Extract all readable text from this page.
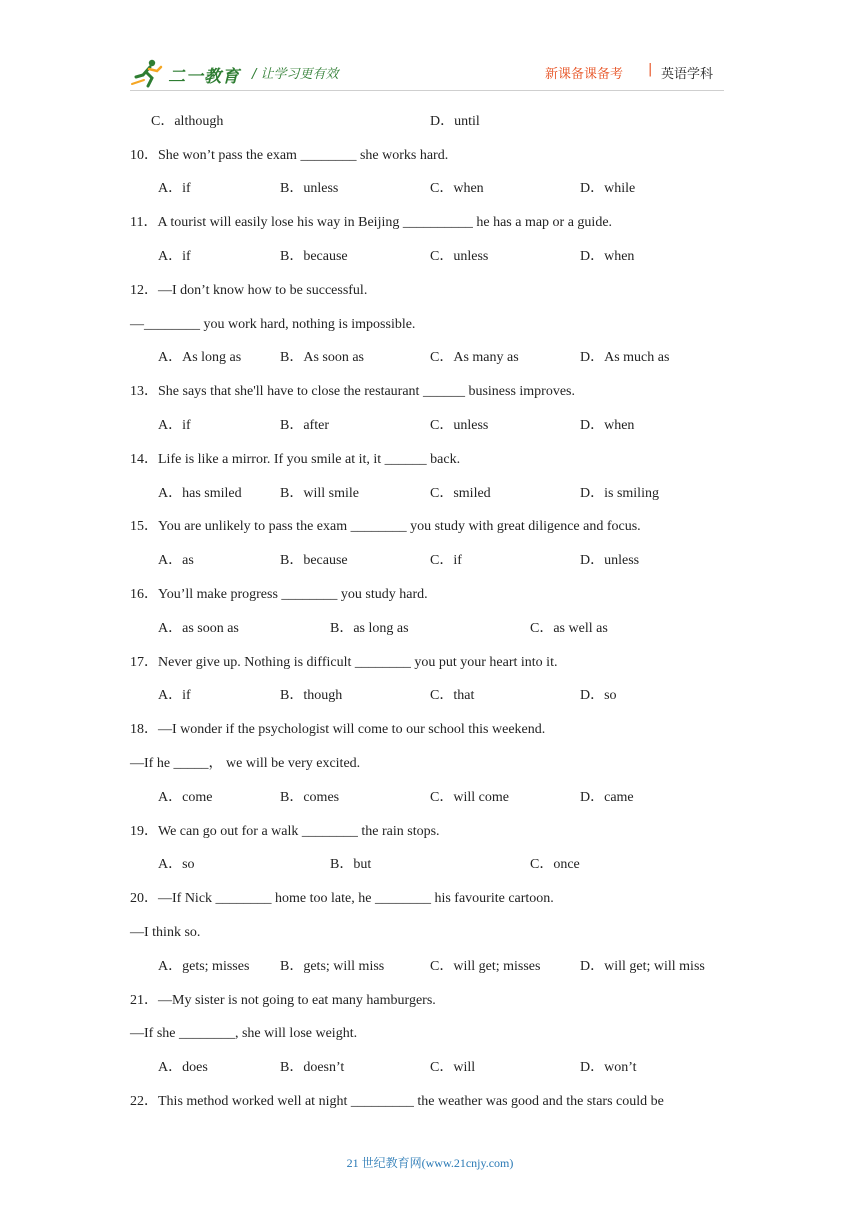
二一教育 / 让学习更有效	新课备课备考 | 英语学科
C．although	D．until
10．She won’t pass the exam ________ she works hard.
A．if	B．unless	C．when	D．while
11．A tourist will easily lose his way in Beijing __________ he has a map or a guide.
A．if	B．because	C．unless	D．when
12．—I don’t know how to be successful.
—________ you work hard, nothing is impossible.
A．As long as	B．As soon as	C．As many as	D．As much as
13．She says that she'll have to close the restaurant ______ business improves.
A．if	B．after	C．unless	D．when
14．Life is like a mirror. If you smile at it, it ______ back.
A．has smiled	B．will smile	C．smiled	D．is smiling
15．You are unlikely to pass the exam ________ you study with great diligence and focus.
A．as	B．because	C．if	D．unless
16．You’ll make progress ________ you study hard.
A．as soon as	B．as long as	C．as well as
17．Never give up. Nothing is difficult ________ you put your heart into it.
A．if	B．though	C．that	D．so
18．—I wonder if the psychologist will come to our school this weekend.
—If he _____， we will be very excited.
A．come	B．comes	C．will come	D．came
19．We can go out for a walk ________ the rain stops.
A．so	B．but	C．once
20．—If Nick ________ home too late, he ________ his favourite cartoon.
—I think so.
A．gets; misses B．gets; will miss	C．will get; misses	D．will get; will miss
21．—My sister is not going to eat many hamburgers.
—If she ________, she will lose weight.
A．does	B．doesn’t	C．will	D．won’t
22．This method worked well at night _________ the weather was good and the stars could be
21 世纪教育网(www.21cnjy.com)
